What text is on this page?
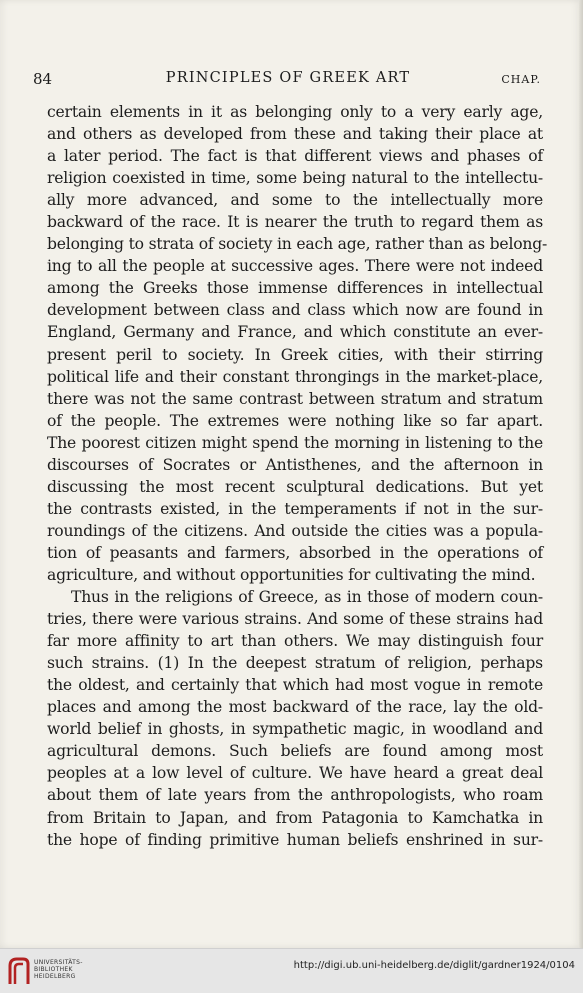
84	PRINCIPLES OF GREEK ART	CHAP.
certain elements in it as belonging only to a very early age,
and others as developed from these and taking their place at
a later period. The fact is that different views and phases of
religion coexisted in time, some being natural to the intellectu-
ally more advanced, and some to the intellectually more
backward of the race. It is nearer the truth to regard them as
belonging to strata of society in each age, rather than as belong-
ing to all the people at successive ages. There were not indeed
among the Greeks those immense differences in intellectual
development between class and class which now are found in
England, Germany and France, and which constitute an ever-
present peril to society. In Greek cities, with their stirring
political life and their constant throngings in the market-place,
there was not the same contrast between stratum and stratum
of the people. The extremes were nothing like so far apart.
The poorest citizen might spend the morning in listening to the
discourses of Socrates or Antisthenes, and the afternoon in
discussing the most recent sculptural dedications. But yet
the contrasts existed, in the temperaments if not in the sur-
roundings of the citizens. And outside the cities was a popula-
tion of peasants and farmers, absorbed in the operations of
agriculture, and without opportunities for cultivating the mind.
Thus in the religions of Greece, as in those of modern coun-
tries, there were various strains. And some of these strains had
far more affinity to art than others. We may distinguish four
such strains. (1) In the deepest stratum of religion, perhaps
the oldest, and certainly that which had most vogue in remote
places and among the most backward of the race, lay the old-
world belief in ghosts, in sympathetic magic, in woodland and
agricultural demons. Such beliefs are found among most
peoples at a low level of culture. We have heard a great deal
about them of late years from the anthropologists, who roam
from Britain to Japan, and from Patagonia to Kamchatka in
the hope of finding primitive human beliefs enshrined in sur-
UNIVERSITÄTS-
BIBLIOTHEK
HEIDELBERG
http://digi.ub.uni-heidelberg.de/diglit/gardner1924/0104
